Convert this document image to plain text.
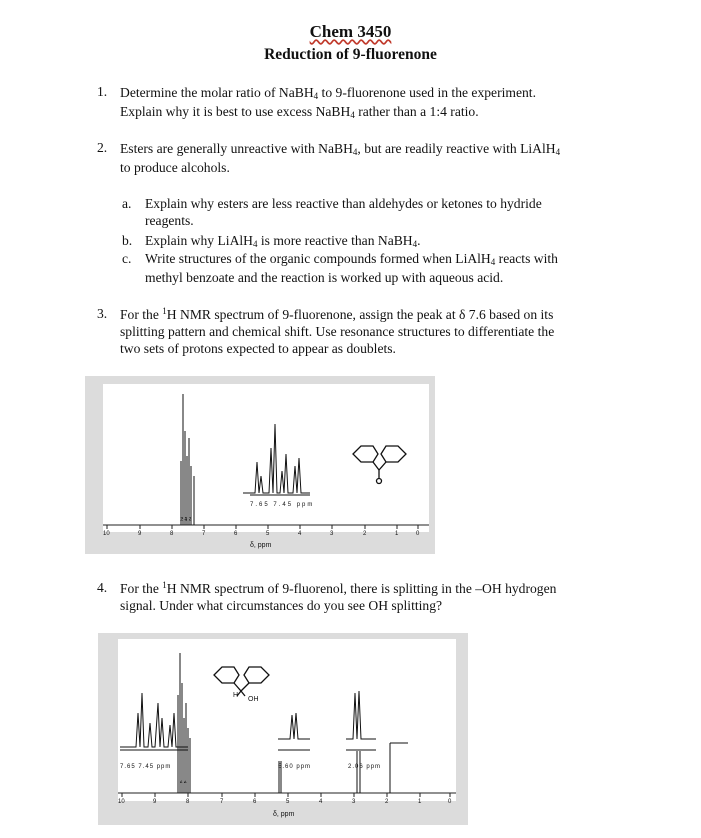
Chem 3450
Reduction of 9-fluorenone
1. Determine the molar ratio of NaBH$_4$ to 9-fluorenone used in the experiment.
Explain why it is best to use excess NaBH$_4$ rather than a 1:4 ratio.
2. Esters are generally unreactive with NaBH$_4$, but are readily reactive with LiAlH$_4$
to produce alcohols.
a. Explain why esters are less reactive than aldehydes or ketones to hydride
reagents.
b. Explain why LiAlH$_4$ is more reactive than NaBH$_4$.
c. Write structures of the organic compounds formed when LiAlH$_4$ reacts with
methyl benzoate and the reaction is worked up with aqueous acid.
3. For the $^1$H NMR spectrum of 9-fluorenone, assign the peak at δ 7.6 based on its
splitting pattern and chemical shift. Use resonance structures to differentiate the
two sets of protons expected to appear as doublets.
7.65 7.45 ppm
2 4 2
10	9	8	7	6	5	4	3	2	1	0
δ, ppm
4. For the $^1$H NMR spectrum of 9-fluorenol, there is splitting in the –OH hydrogen
signal. Under what circumstances do you see OH splitting?
H
OH
7.65 7.45 ppm	5.60 ppm	2.06 ppm
4 4
10	9	8	7	6	5	4	3	2	1	0
δ, ppm
